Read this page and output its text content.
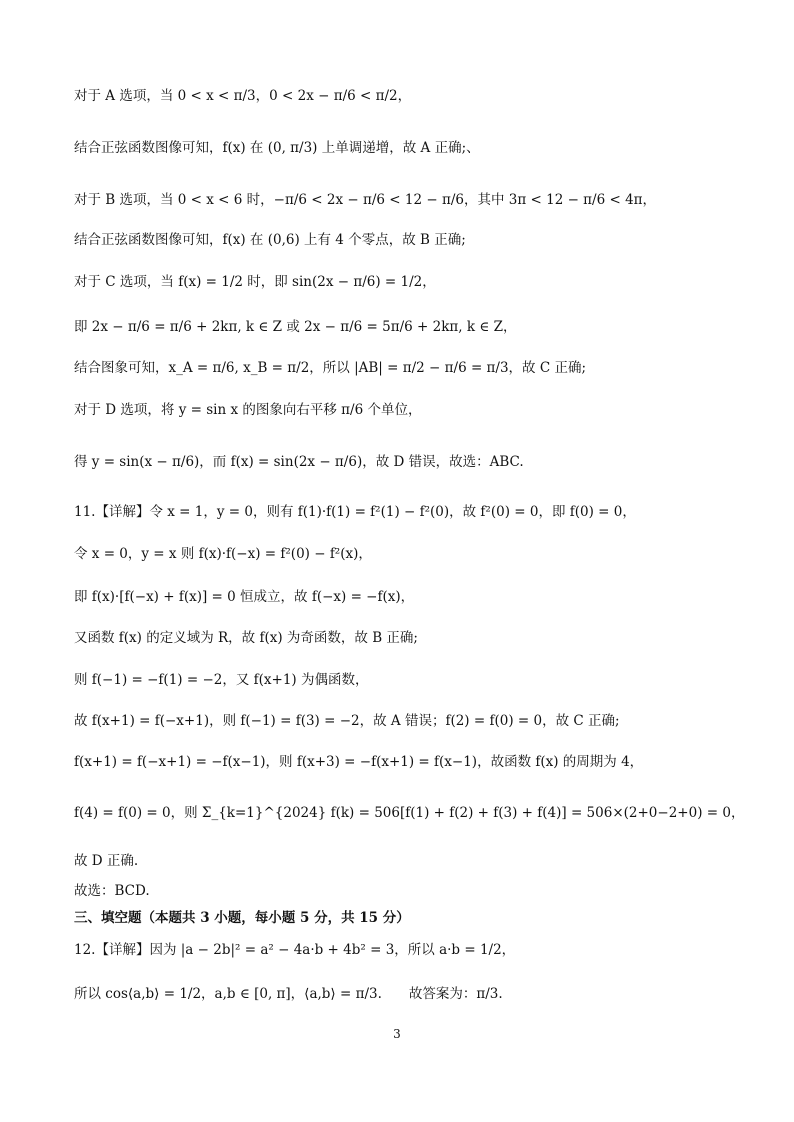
对于 A 选项，当 0 < x < π/3，0 < 2x − π/6 < π/2，
结合正弦函数图像可知，f(x) 在 (0, π/3) 上单调递增，故 A 正确;、
对于 B 选项，当 0 < x < 6 时，−π/6 < 2x − π/6 < 12 − π/6，其中 3π < 12 − π/6 < 4π，
结合正弦函数图像可知，f(x) 在 (0,6) 上有 4 个零点，故 B 正确;
对于 C 选项，当 f(x) = 1/2 时，即 sin(2x − π/6) = 1/2，
即 2x − π/6 = π/6 + 2kπ, k ∈ Z 或 2x − π/6 = 5π/6 + 2kπ, k ∈ Z，
结合图象可知，x_A = π/6, x_B = π/2，所以 |AB| = π/2 − π/6 = π/3，故 C 正确;
对于 D 选项，将 y = sin x 的图象向右平移 π/6 个单位，
得 y = sin(x − π/6)，而 f(x) = sin(2x − π/6)，故 D 错误，故选：ABC.
11.【详解】令 x = 1，y = 0，则有 f(1)·f(1) = f²(1) − f²(0)，故 f²(0) = 0，即 f(0) = 0，
令 x = 0，y = x 则 f(x)·f(−x) = f²(0) − f²(x)，
即 f(x)·[f(−x) + f(x)] = 0 恒成立，故 f(−x) = −f(x)，
又函数 f(x) 的定义域为 R，故 f(x) 为奇函数，故 B 正确;
则 f(−1) = −f(1) = −2，又 f(x+1) 为偶函数，
故 f(x+1) = f(−x+1)，则 f(−1) = f(3) = −2，故 A 错误；f(2) = f(0) = 0，故 C 正确;
f(x+1) = f(−x+1) = −f(x−1)，则 f(x+3) = −f(x+1) = f(x−1)，故函数 f(x) 的周期为 4，
f(4) = f(0) = 0，则 Σ_{k=1}^{2024} f(k) = 506[f(1) + f(2) + f(3) + f(4)] = 506×(2+0−2+0) = 0，
故 D 正确.
故选：BCD.
三、填空题（本题共 3 小题，每小题 5 分，共 15 分）
12.【详解】因为 |a − 2b|² = a² − 4a·b + 4b² = 3，所以 a·b = 1/2，
所以 cos⟨a,b⟩ = 1/2，a,b ∈ [0, π]，⟨a,b⟩ = π/3.　　故答案为：π/3.
3
